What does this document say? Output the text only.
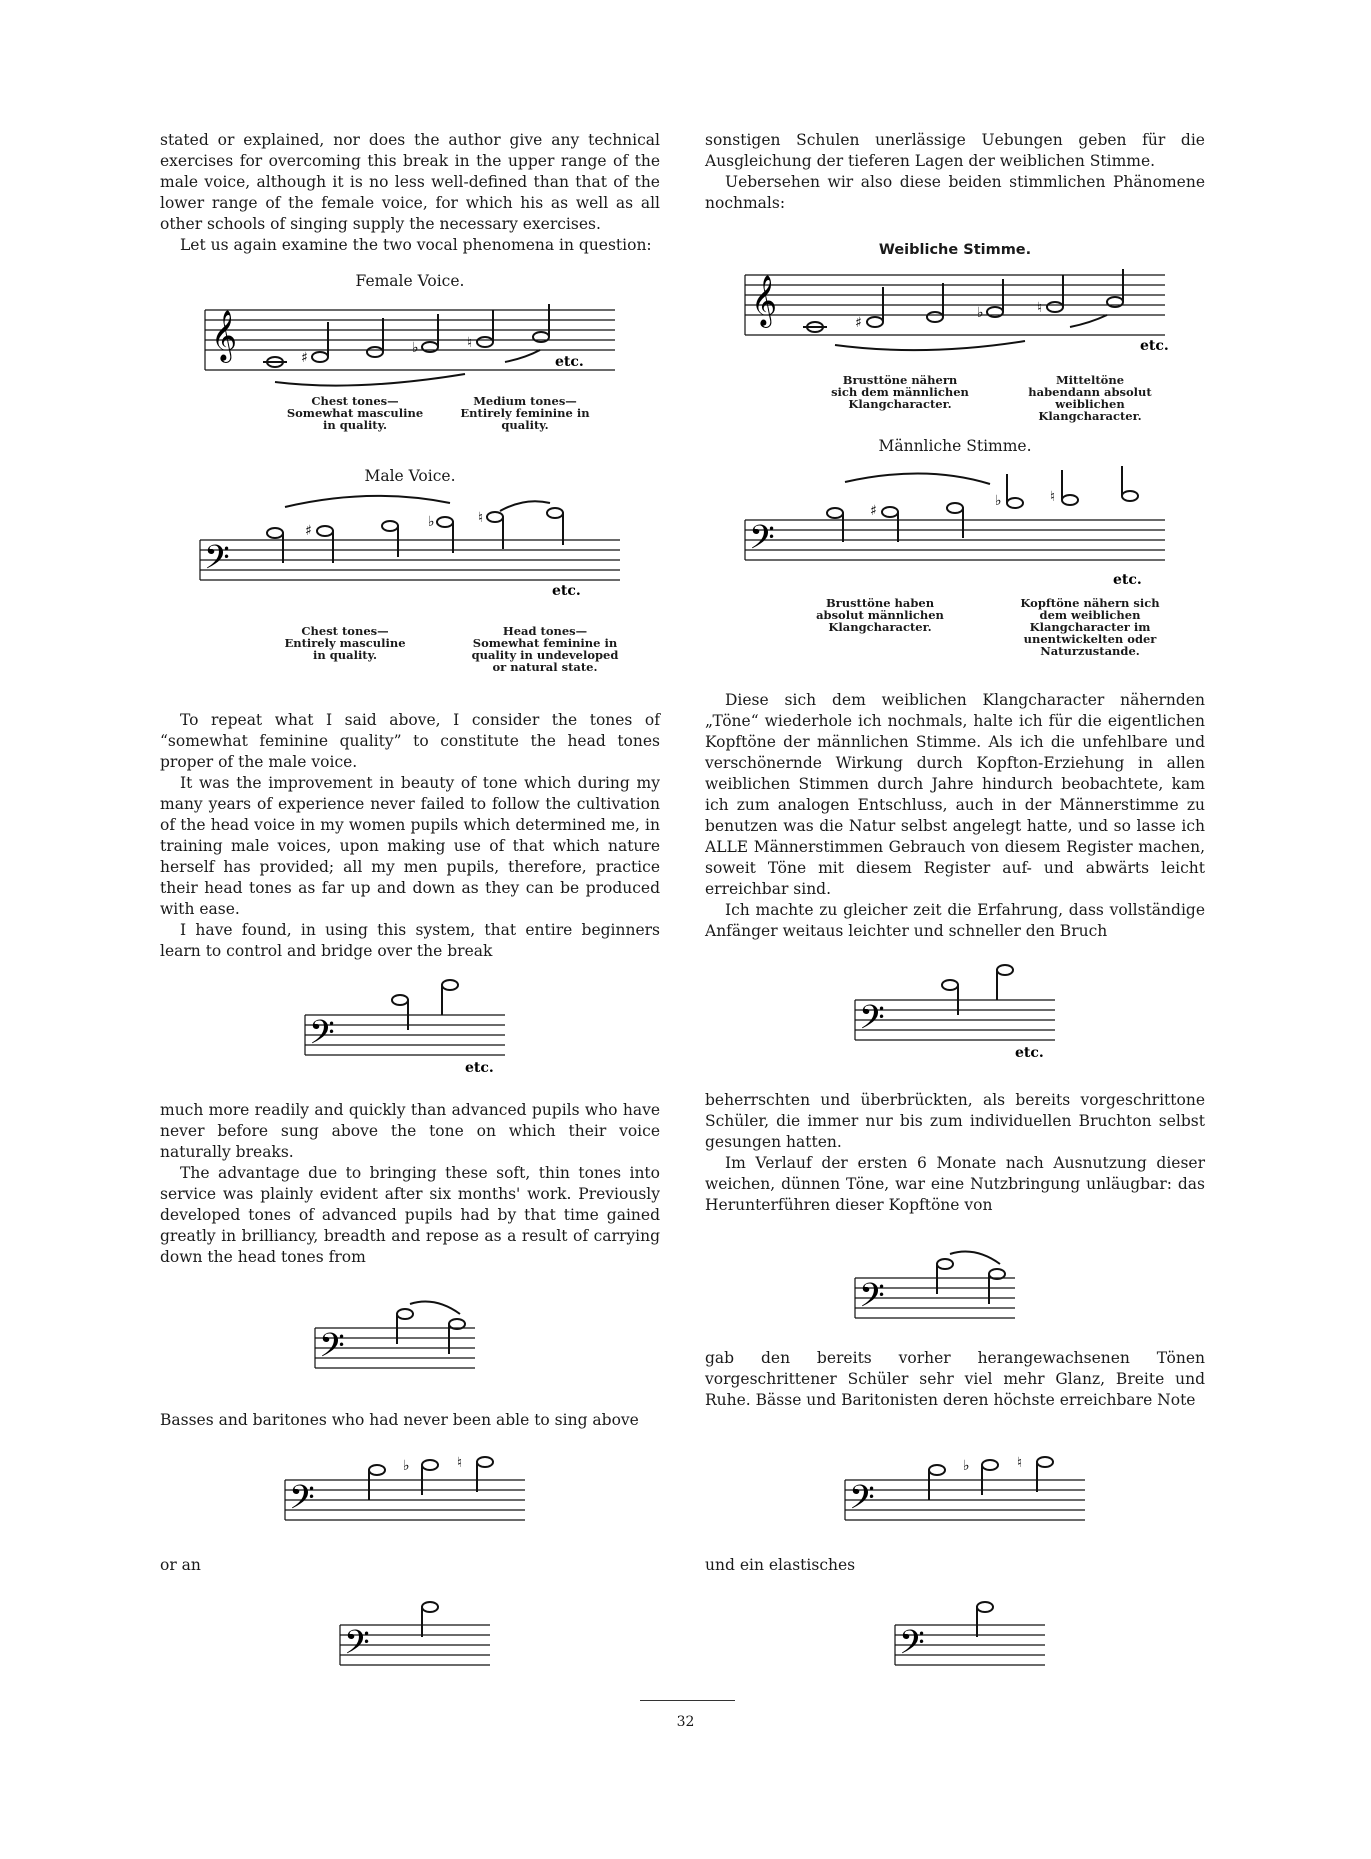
stated or explained, nor does the author give any technical exercises for overcoming this break in the upper range of the male voice, although it is no less well-defined than that of the lower range of the female voice, for which his as well as all other schools of singing supply the necessary exercises.

Let us again examine the two vocal phenomena in question:

Female Voice.
𝄞	♯
♭	♮
etc.
Chest tones—Somewhat masculine in quality.
Medium tones—Entirely feminine in quality.
Male Voice.
𝄢
♯
♭	♮
etc.
Chest tones—Entirely masculine in quality.
Head tones—Somewhat feminine in quality in undeveloped or natural state.

To repeat what I said above, I consider the tones of “somewhat feminine quality” to constitute the head tones proper of the male voice.

It was the improvement in beauty of tone which during my many years of experience never failed to follow the cultivation of the head voice in my women pupils which determined me, in training male voices, upon making use of that which nature herself has provided; all my men pupils, therefore, practice their head tones as far up and down as they can be produced with ease.

I have found, in using this system, that entire beginners learn to control and bridge over the break

𝄢
etc.

much more readily and quickly than advanced pupils who have never before sung above the tone on which their voice naturally breaks.

The advantage due to bringing these soft, thin tones into service was plainly evident after six months' work. Previously developed tones of advanced pupils had by that time gained greatly in brilliancy, breadth and repose as a result of carrying down the head tones from

𝄢

Basses and baritones who had never been able to sing above

𝄢
♭	♮

or an

𝄢

sonstigen Schulen unerlässige Uebungen geben für die Ausgleichung der tieferen Lagen der weiblichen Stimme.

Uebersehen wir also diese beiden stimmlichen Phänomene nochmals:

Weibliche Stimme.
𝄞	♯
♭	♮
etc.
Brusttöne nähern sich dem männlichen Klangcharacter.
Mitteltöne habendann absolut weiblichen Klangcharacter.
Männliche Stimme.
𝄢
♯
♭	♮
etc.
Brusttöne haben absolut männlichen Klangcharacter.
Kopftöne nähern sich dem weiblichen Klangcharacter im unentwickelten oder Naturzustande.

Diese sich dem weiblichen Klangcharacter nähernden „Töne“ wiederhole ich nochmals, halte ich für die eigentlichen Kopftöne der männlichen Stimme. Als ich die unfehlbare und verschönernde Wirkung durch Kopfton-Erziehung in allen weiblichen Stimmen durch Jahre hindurch beobachtete, kam ich zum analogen Entschluss, auch in der Männerstimme zu benutzen was die Natur selbst angelegt hatte, und so lasse ich ALLE Männerstimmen Gebrauch von diesem Register machen, soweit Töne mit diesem Register auf- und abwärts leicht erreichbar sind.

Ich machte zu gleicher zeit die Erfahrung, dass vollständige Anfänger weitaus leichter und schneller den Bruch

𝄢
etc.

beherrschten und überbrückten, als bereits vorgeschrittone Schüler, die immer nur bis zum individuellen Bruchton selbst gesungen hatten.

Im Verlauf der ersten 6 Monate nach Ausnutzung dieser weichen, dünnen Töne, war eine Nutzbringung unläugbar: das Herunterführen dieser Kopftöne von

𝄢

gab den bereits vorher herangewachsenen Tönen vorgeschrittener Schüler sehr viel mehr Glanz, Breite und Ruhe. Bässe und Baritonisten deren höchste erreichbare Note

𝄢
♭	♮

und ein elastisches

𝄢
32
